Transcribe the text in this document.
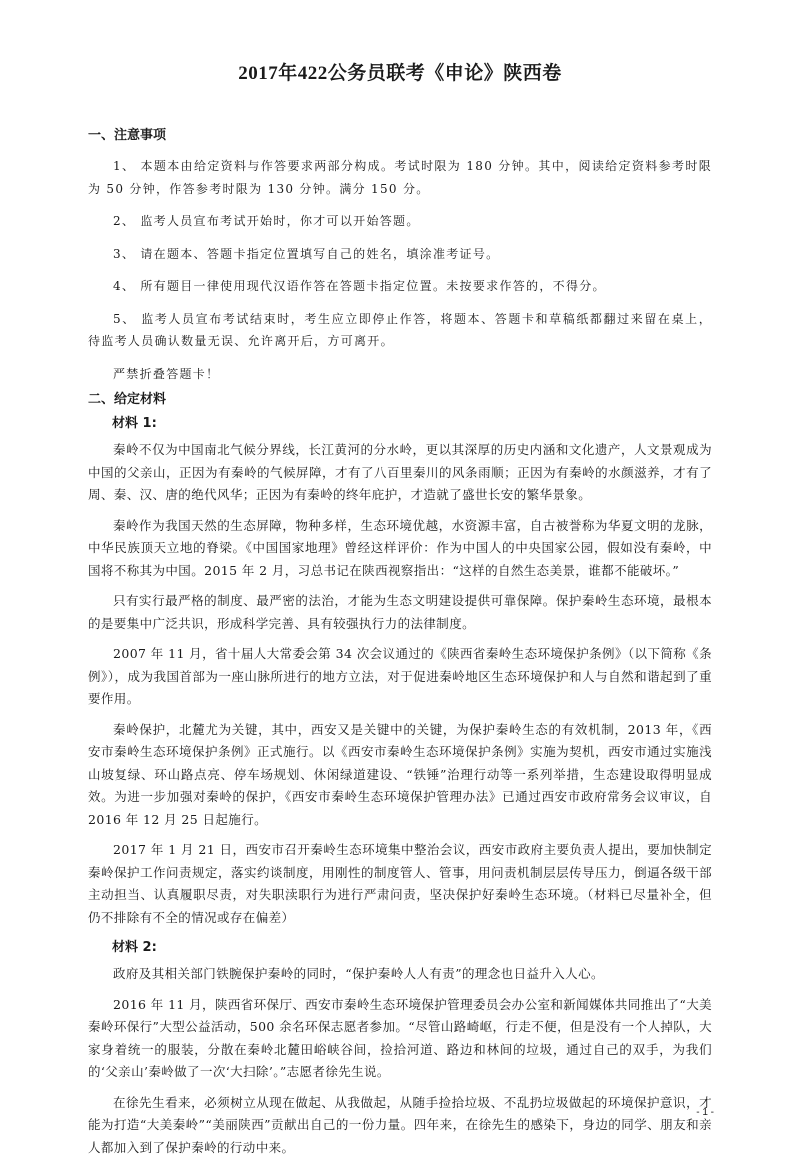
2017年422公务员联考《申论》陕西卷
一、注意事项

1、 本题本由给定资料与作答要求两部分构成。考试时限为 180 分钟。其中，阅读给定资料参考时限为 50 分钟，作答参考时限为 130 分钟。满分 150 分。

2、 监考人员宣布考试开始时，你才可以开始答题。

3、 请在题本、答题卡指定位置填写自己的姓名，填涂准考证号。

4、 所有题目一律使用现代汉语作答在答题卡指定位置。未按要求作答的，不得分。

5、 监考人员宣布考试结束时，考生应立即停止作答，将题本、答题卡和草稿纸都翻过来留在桌上，待监考人员确认数量无误、允许离开后，方可离开。

严禁折叠答题卡！

二、给定材料
材料 1:

秦岭不仅为中国南北气候分界线，长江黄河的分水岭，更以其深厚的历史内涵和文化遗产，人文景观成为中国的父亲山，正因为有秦岭的气候屏障，才有了八百里秦川的风条雨顺；正因为有秦岭的水颜滋养，才有了周、秦、汉、唐的绝代风华；正因为有秦岭的终年庇护，才造就了盛世长安的繁华景象。

秦岭作为我国天然的生态屏障，物种多样，生态环境优越，水资源丰富，自古被誉称为华夏文明的龙脉，中华民族顶天立地的脊梁。《中国国家地理》曾经这样评价：作为中国人的中央国家公园，假如没有秦岭，中国将不称其为中国。2015 年 2 月，习总书记在陕西视察指出：“这样的自然生态美景，谁都不能破坏。”

只有实行最严格的制度、最严密的法治，才能为生态文明建设提供可靠保障。保护秦岭生态环境，最根本的是要集中广泛共识，形成科学完善、具有较强执行力的法律制度。

2007 年 11 月，省十届人大常委会第 34 次会议通过的《陕西省秦岭生态环境保护条例》（以下简称《条例》），成为我国首部为一座山脉所进行的地方立法，对于促进秦岭地区生态环境保护和人与自然和谐起到了重要作用。

秦岭保护，北麓尤为关键，其中，西安又是关键中的关键，为保护秦岭生态的有效机制，2013 年，《西安市秦岭生态环境保护条例》正式施行。以《西安市秦岭生态环境保护条例》实施为契机，西安市通过实施浅山坡复绿、环山路点亮、停车场规划、休闲绿道建设、“铁锤”治理行动等一系列举措，生态建设取得明显成效。为进一步加强对秦岭的保护，《西安市秦岭生态环境保护管理办法》已通过西安市政府常务会议审议，自 2016 年 12 月 25 日起施行。

2017 年 1 月 21 日，西安市召开秦岭生态环境集中整治会议，西安市政府主要负责人提出，要加快制定秦岭保护工作问责规定，落实约谈制度，用刚性的制度管人、管事，用问责机制层层传导压力，倒逼各级干部主动担当、认真履职尽责，对失职渎职行为进行严肃问责，坚决保护好秦岭生态环境。（材料已尽量补全，但仍不排除有不全的情况或存在偏差）

材料 2:

政府及其相关部门铁腕保护秦岭的同时，“保护秦岭人人有责”的理念也日益升入人心。

2016 年 11 月，陕西省环保厅、西安市秦岭生态环境保护管理委员会办公室和新闻媒体共同推出了“大美秦岭环保行”大型公益活动，500 余名环保志愿者参加。“尽管山路崎岖，行走不便，但是没有一个人掉队，大家身着统一的服装，分散在秦岭北麓田峪峡谷间，捡拾河道、路边和林间的垃圾，通过自己的双手，为我们的‘父亲山’秦岭做了一次‘大扫除’。”志愿者徐先生说。

在徐先生看来，必须树立从现在做起、从我做起，从随手捡拾垃圾、不乱扔垃圾做起的环境保护意识，才能为打造“大美秦岭”“美丽陕西”贡献出自己的一份力量。四年来，在徐先生的感染下，身边的同学、朋友和亲人都加入到了保护秦岭的行动中来。

- 1 -
